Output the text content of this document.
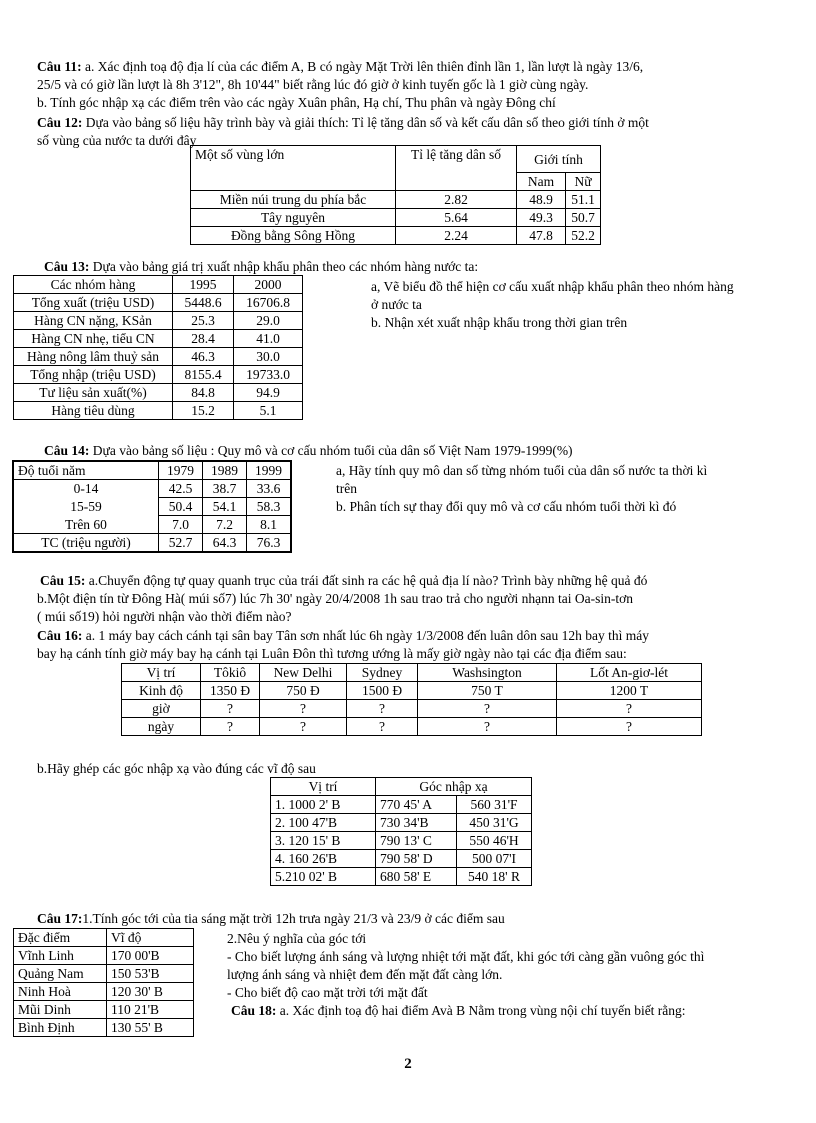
Câu 11: a. Xác định toạ độ địa lí của các điểm A, B có ngày Mặt Trời lên thiên đỉnh lần 1, lần lượt là ngày 13/6,
25/5 và có giờ lần lượt là 8h 3'12", 8h 10'44" biết rằng lúc đó giờ ở kinh tuyến gốc là 1 giờ cùng ngày.
b. Tính góc nhập xạ các điểm trên vào các ngày Xuân phân, Hạ chí, Thu phân và ngày Đông chí
Câu 12: Dựa vào bảng số liệu hãy trình bày và giải thích: Tỉ lệ tăng dân số và kết cấu dân số theo giới tính ở một
số vùng của nước ta dưới đây
Một số vùng lớn	Tỉ lệ tăng dân số	Giới tính	
		Nam	Nữ
Miền núi trung du phía bắc	2.82	48.9	51.1
Tây nguyên	5.64	49.3	50.7
Đồng bằng Sông Hồng	2.24	47.8	52.2
Câu 13: Dựa vào bảng giá trị xuất nhập khẩu phân theo các nhóm hàng nước ta:
Các nhóm hàng	1995	2000
Tổng xuất (triệu USD)	5448.6	16706.8
Hàng CN nặng, KSản	25.3	29.0
Hàng CN nhẹ, tiểu CN	28.4	41.0
Hàng nông lâm thuỷ sản	46.3	30.0
Tổng nhập (triệu USD)	8155.4	19733.0
Tư liệu sản xuất(%)	84.8	94.9
Hàng tiêu dùng	15.2	5.1
a, Vẽ biểu đồ thể hiện cơ cấu xuất nhập khẩu phân theo nhóm hàng
ở nước ta
b. Nhận xét xuất nhập khẩu trong thời gian trên
Câu 14: Dựa vào bảng số liệu : Quy mô và cơ cấu nhóm tuổi của dân số Việt Nam 1979-1999(%)
Độ tuổi năm	1979	1989	1999
0-14	42.5	38.7	33.6
15-59	50.4	54.1	58.3
Trên 60	7.0	7.2	8.1
TC (triệu người)	52.7	64.3	76.3
a, Hãy tính quy mô dan số từng nhóm tuổi của dân số nước ta thời kì
trên
b. Phân tích sự thay đổi quy mô và cơ cấu nhóm tuổi thời kì đó
Câu 15: a.Chuyển động tự quay quanh trục của trái đất sinh ra các hệ quả địa lí nào? Trình bày những hệ quả đó
b.Một điện tín từ Đông Hà( múi số7) lúc 7h 30' ngày 20/4/2008 1h sau trao trả cho người nhạnn tai Oa-sin-tơn
( múi số19) hỏi người nhận vào thời điểm nào?
Câu 16: a. 1 máy bay cách cánh tại sân bay Tân sơn nhất lúc 6h ngày 1/3/2008 đến luân dôn sau 12h bay thì máy
bay hạ cánh tính giờ máy bay hạ cánh tại Luân Đôn thì tương ướng là mấy giờ ngày nào tại các địa điểm sau:
Vị trí	Tôkiô	New Delhi	Sydney	Washsington	Lốt An-giơ-lét
Kinh độ	1350 Đ	750 Đ	1500 Đ	750 T	1200 T
giờ	?	?	?	?	?
ngày	?	?	?	?	?
b.Hãy ghép các góc nhập xạ vào đúng các vĩ độ sau
Vị trí	Góc nhập xạ	
1. 1000 2' B	770 45' A	560 31'F
2. 100 47'B	730 34'B	450 31'G
3. 120 15' B	790 13' C	550 46'H
4. 160 26'B	790 58' D	500 07'I
5.210 02' B	680 58' E	540 18' R
Câu 17:1.Tính góc tới của tia sáng mặt trời 12h trưa ngày 21/3 và 23/9 ở các điểm sau
Đặc điểm	Vĩ độ
Vĩnh Linh	170 00'B
Quảng Nam	150 53'B
Ninh Hoà	120 30' B
Mũi Dinh	110 21'B
Bình Định	130 55' B
2.Nêu ý nghĩa của góc tới
- Cho biết lượng ánh sáng và lượng nhiệt tới mặt đất, khi góc tới càng gần vuông góc thì
lượng ánh sáng và nhiệt đem đến mặt đất càng lớn.
- Cho biết độ cao mặt trời tới mặt đất
Câu 18: a. Xác định toạ độ hai điểm Avà B Nằm trong vùng nội chí tuyến biết rằng:
2
